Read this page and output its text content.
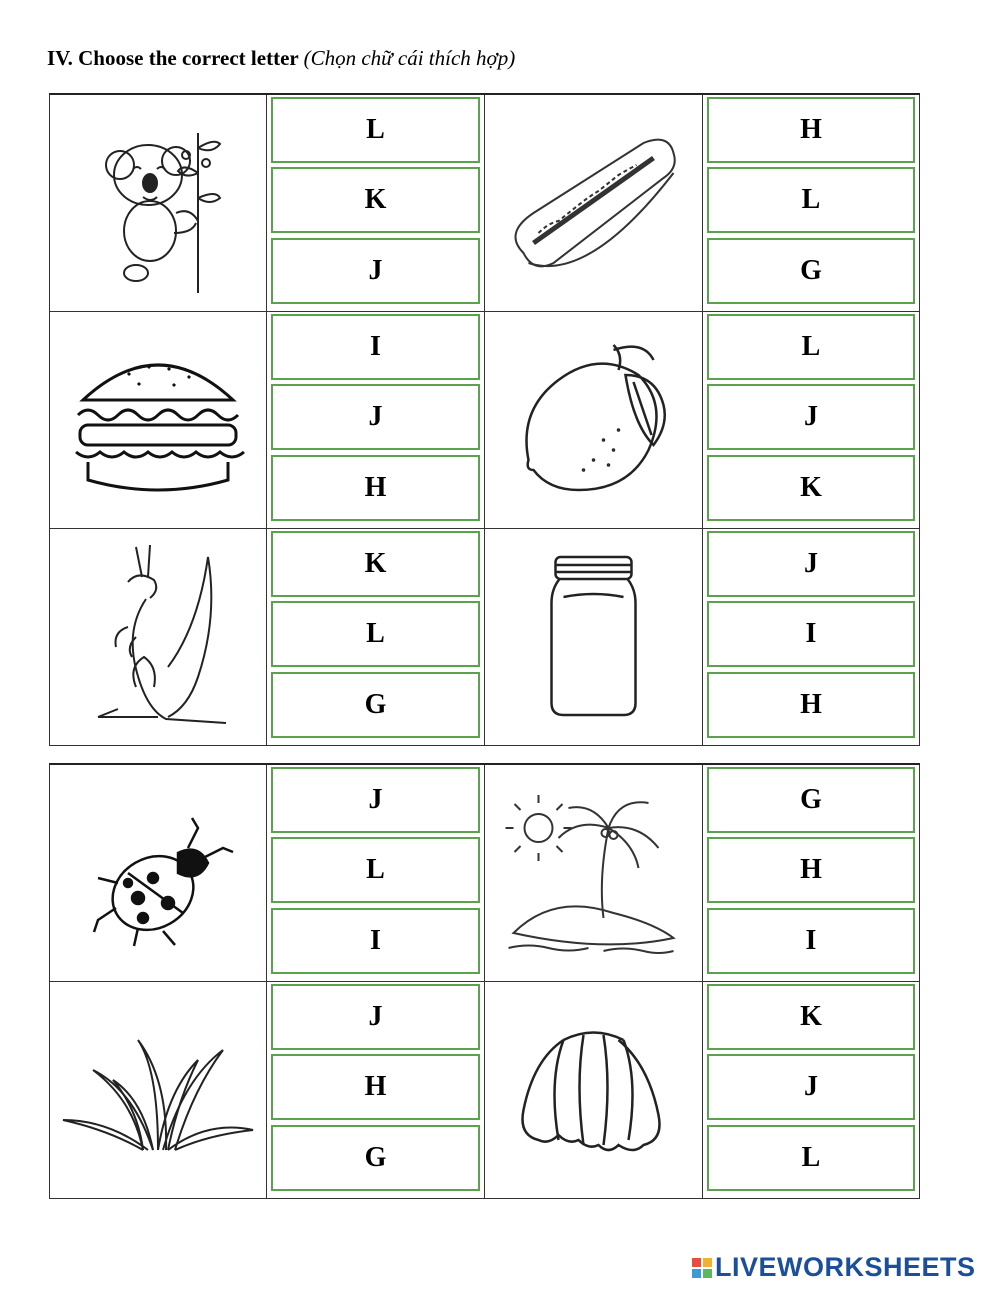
IV. Choose the correct letter (Chọn chữ cái thích hợp)
L
K
J
H
L
G
I
J
H
L
J
K
K
L
G
J
I
H
J
L
I
G
H
I
J
H
G
K
J
L
LIVEWORKSHEETS
